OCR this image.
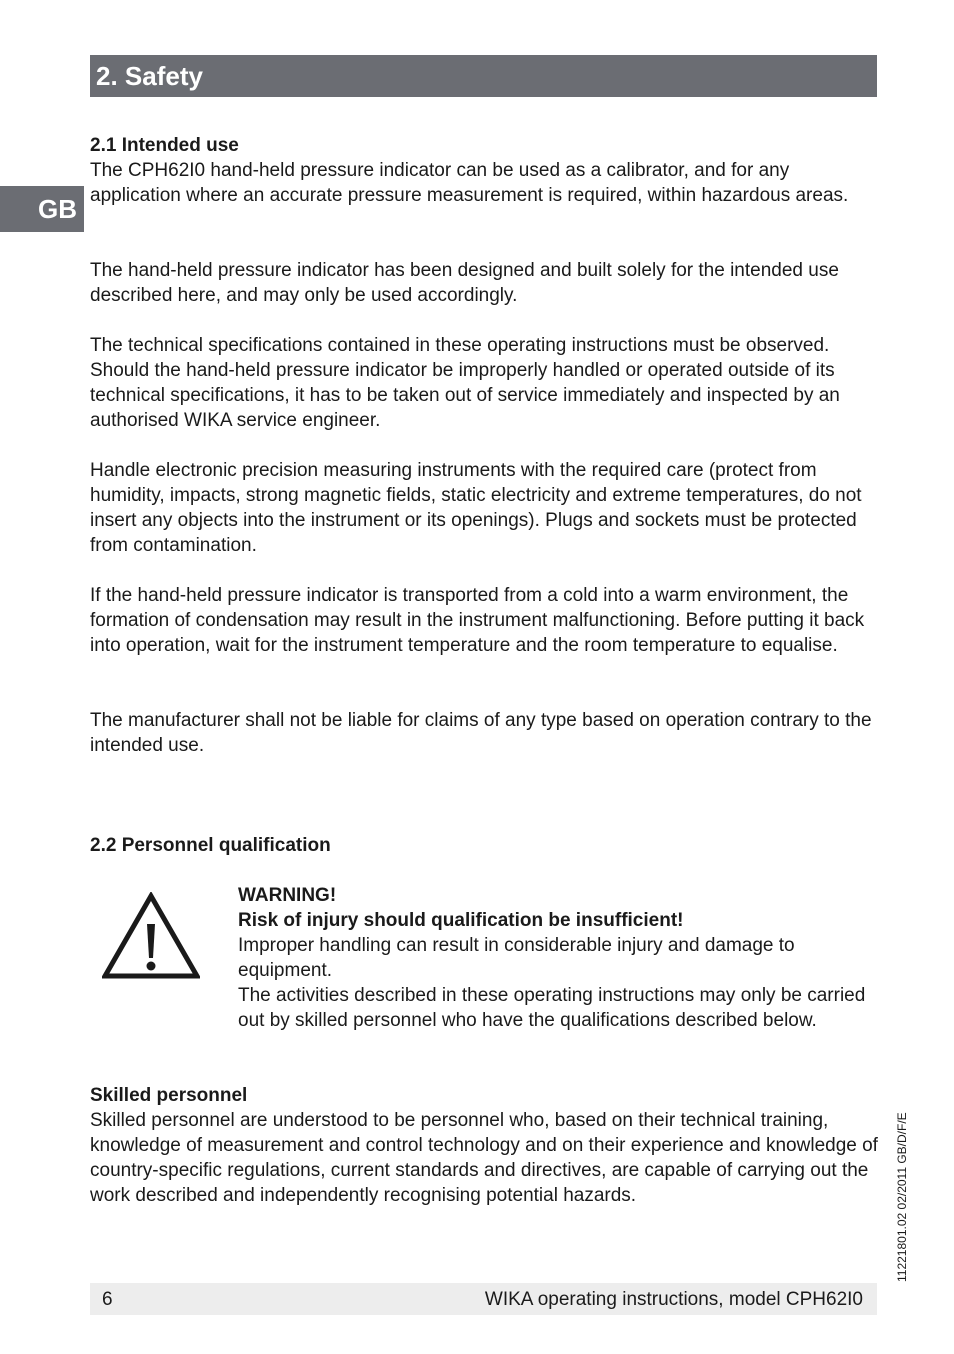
2. Safety
GB
2.1 Intended use

The CPH62I0 hand-held pressure indicator can be used as a calibrator, and for any application where an accurate pressure measurement is required, within hazardous areas.

The hand-held pressure indicator has been designed and built solely for the intended use described here, and may only be used accordingly.

The technical specifications contained in these operating instructions must be observed. Should the hand-held pressure indicator be improperly handled or operated outside of its technical specifications, it has to be taken out of service immediately and inspected by an authorised WIKA service engineer.

Handle electronic precision measuring instruments with the required care (protect from humidity, impacts, strong magnetic fields, static electricity and extreme temperatures, do not insert any objects into the instrument or its openings). Plugs and sockets must be protected from contamination.

If the hand-held pressure indicator is transported from a cold into a warm environment, the formation of condensation may result in the instrument malfunctioning. Before putting it back into operation, wait for the instrument temperature and the room temperature to equalise.

The manufacturer shall not be liable for claims of any type based on operation contrary to the intended use.

2.2 Personnel qualification
WARNING!
Risk of injury should qualification be insufficient!
Improper handling can result in considerable injury and damage to equipment.
The activities described in these operating instructions may only be carried out by skilled personnel who have the qualifications described below.
Skilled personnel

Skilled personnel are understood to be personnel who, based on their technical training, knowledge of measurement and control technology and on their experience and knowledge of country-specific regulations, current standards and directives, are capable of carrying out the work described and independently recognising potential hazards.	11221801.02 02/2011 GB/D/F/E
6	WIKA operating instructions, model CPH62I0
